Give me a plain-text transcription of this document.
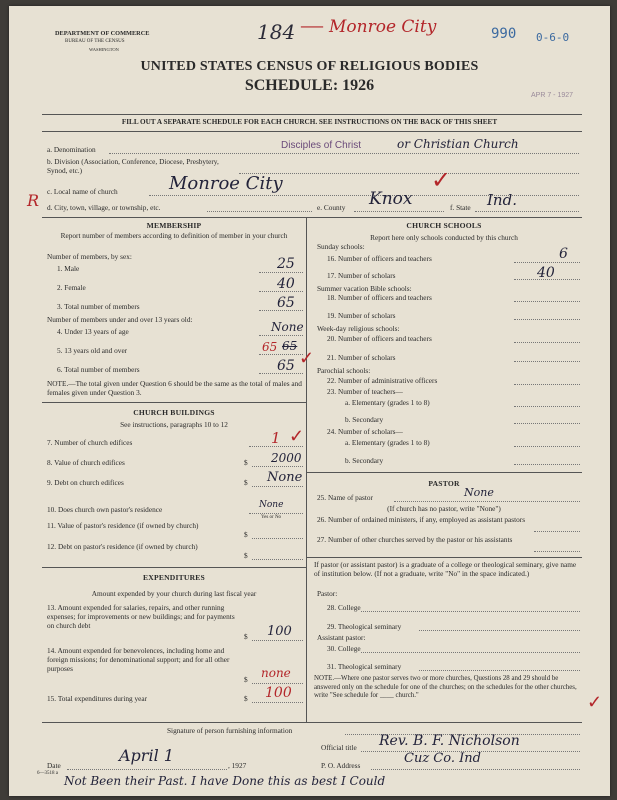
DEPARTMENT OF COMMERCE
BUREAU OF THE CENSUS
WASHINGTON
184 — Monroe City	990 0-6-0
UNITED STATES CENSUS OF RELIGIOUS BODIES
SCHEDULE: 1926
APR 7 - 1927
FILL OUT A SEPARATE SCHEDULE FOR EACH CHURCH. SEE INSTRUCTIONS ON THE BACK OF THIS SHEET
a. Denomination	Disciples of Christ	or Christian Church
b. Division (Association, Conference, Diocese, Presbytery, Synod, etc.)
R c. Local name of church	Monroe City	✓
d. City, town, village, or township, etc.	e. County Knox	f. State Ind.
MEMBERSHIP
Report number of members according to definition of member in your church
Number of members, by sex:
1. Male	25
2. Female	40
3. Total number of members	65
Number of members under and over 13 years old:
4. Under 13 years of age	None
5. 13 years old and over	65 65
6. Total number of members	65 ✓
NOTE.—The total given under Question 6 should be the same as the total of males and females given under Question 3.
CHURCH BUILDINGS
See instructions, paragraphs 10 to 12
7. Number of church edifices	1 ✓
8. Value of church edifices	$ 2000
9. Debt on church edifices	$ None
10. Does church own pastor's residence	None
Yes or No
11. Value of pastor's residence (if owned by church)
$
12. Debt on pastor's residence (if owned by church)
$
EXPENDITURES
Amount expended by your church during last fiscal year
13. Amount expended for salaries, repairs, and other running expenses; for improvements or new buildings; and for payments on church debt
$ 100
14. Amount expended for benevolences, including home and foreign missions; for denominational support; and for all other purposes
$ none
15. Total expenditures during year	$ 100
CHURCH SCHOOLS
Report here only schools conducted by this church
Sunday schools:
16. Number of officers and teachers	6
17. Number of scholars	40
Summer vacation Bible schools:
18. Number of officers and teachers
19. Number of scholars
Week-day religious schools:
20. Number of officers and teachers
21. Number of scholars
Parochial schools:
22. Number of administrative officers
23. Number of teachers—
a. Elementary (grades 1 to 8)
b. Secondary
24. Number of scholars—
a. Elementary (grades 1 to 8)
b. Secondary
PASTOR
25. Name of pastor	None
(If church has no pastor, write "None")
26. Number of ordained ministers, if any, employed as assistant pastors
27. Number of other churches served by the pastor or his assistants
If pastor (or assistant pastor) is a graduate of a college or theological seminary, give name of institution below. (If not a graduate, write "No" in the space indicated.)
Pastor:
28. College
29. Theological seminary
Assistant pastor:
30. College
31. Theological seminary
NOTE.—Where one pastor serves two or more churches, Questions 28 and 29 should be answered only on the schedule for one of the churches; on the schedules for the other churches, write "See schedule for ____ church."	✓
Signature of person furnishing information
Official title Rev. B. F. Nicholson
Date
April 1
, 1927	P. O. Address	Cuz Co. Ind
6—3518 a
Not Been their Past. I have Done this as best I Could
